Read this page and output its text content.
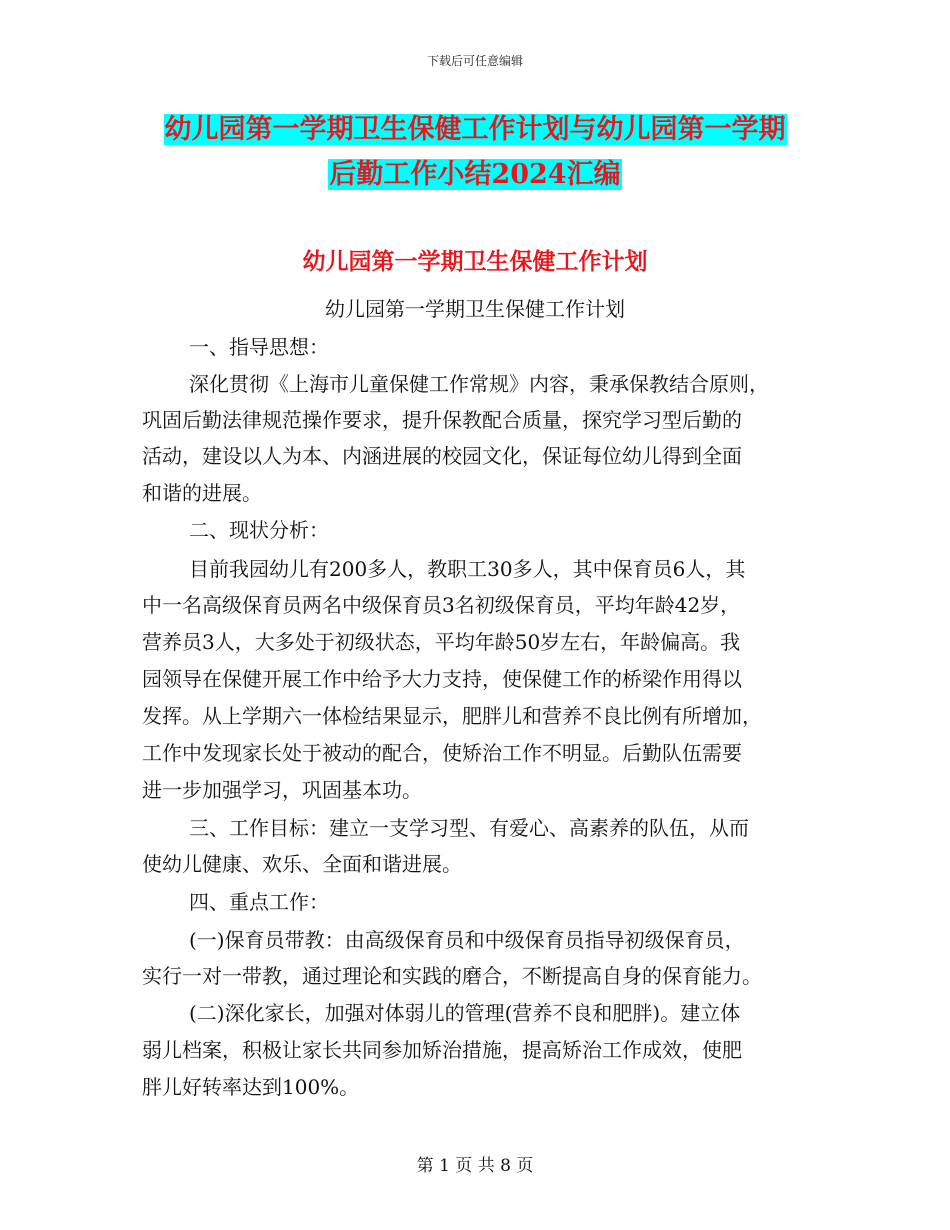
下载后可任意编辑
幼儿园第一学期卫生保健工作计划与幼儿园第一学期
后勤工作小结2024汇编
幼儿园第一学期卫生保健工作计划
幼儿园第一学期卫生保健工作计划
一、指导思想：
深化贯彻《上海市儿童保健工作常规》内容，秉承保教结合原则，
巩固后勤法律规范操作要求，提升保教配合质量，探究学习型后勤的
活动，建设以人为本、内涵进展的校园文化，保证每位幼儿得到全面
和谐的进展。
二、现状分析：
目前我园幼儿有200多人，教职工30多人，其中保育员6人，其
中一名高级保育员两名中级保育员3名初级保育员，平均年龄42岁，
营养员3人，大多处于初级状态，平均年龄50岁左右，年龄偏高。我
园领导在保健开展工作中给予大力支持，使保健工作的桥梁作用得以
发挥。从上学期六一体检结果显示，肥胖儿和营养不良比例有所增加，
工作中发现家长处于被动的配合，使矫治工作不明显。后勤队伍需要
进一步加强学习，巩固基本功。
三、工作目标：建立一支学习型、有爱心、高素养的队伍，从而
使幼儿健康、欢乐、全面和谐进展。
四、重点工作：
(一)保育员带教：由高级保育员和中级保育员指导初级保育员，
实行一对一带教，通过理论和实践的磨合，不断提高自身的保育能力。
(二)深化家长，加强对体弱儿的管理(营养不良和肥胖)。建立体
弱儿档案，积极让家长共同参加矫治措施，提高矫治工作成效，使肥
胖儿好转率达到100%。
第 1 页 共 8 页
